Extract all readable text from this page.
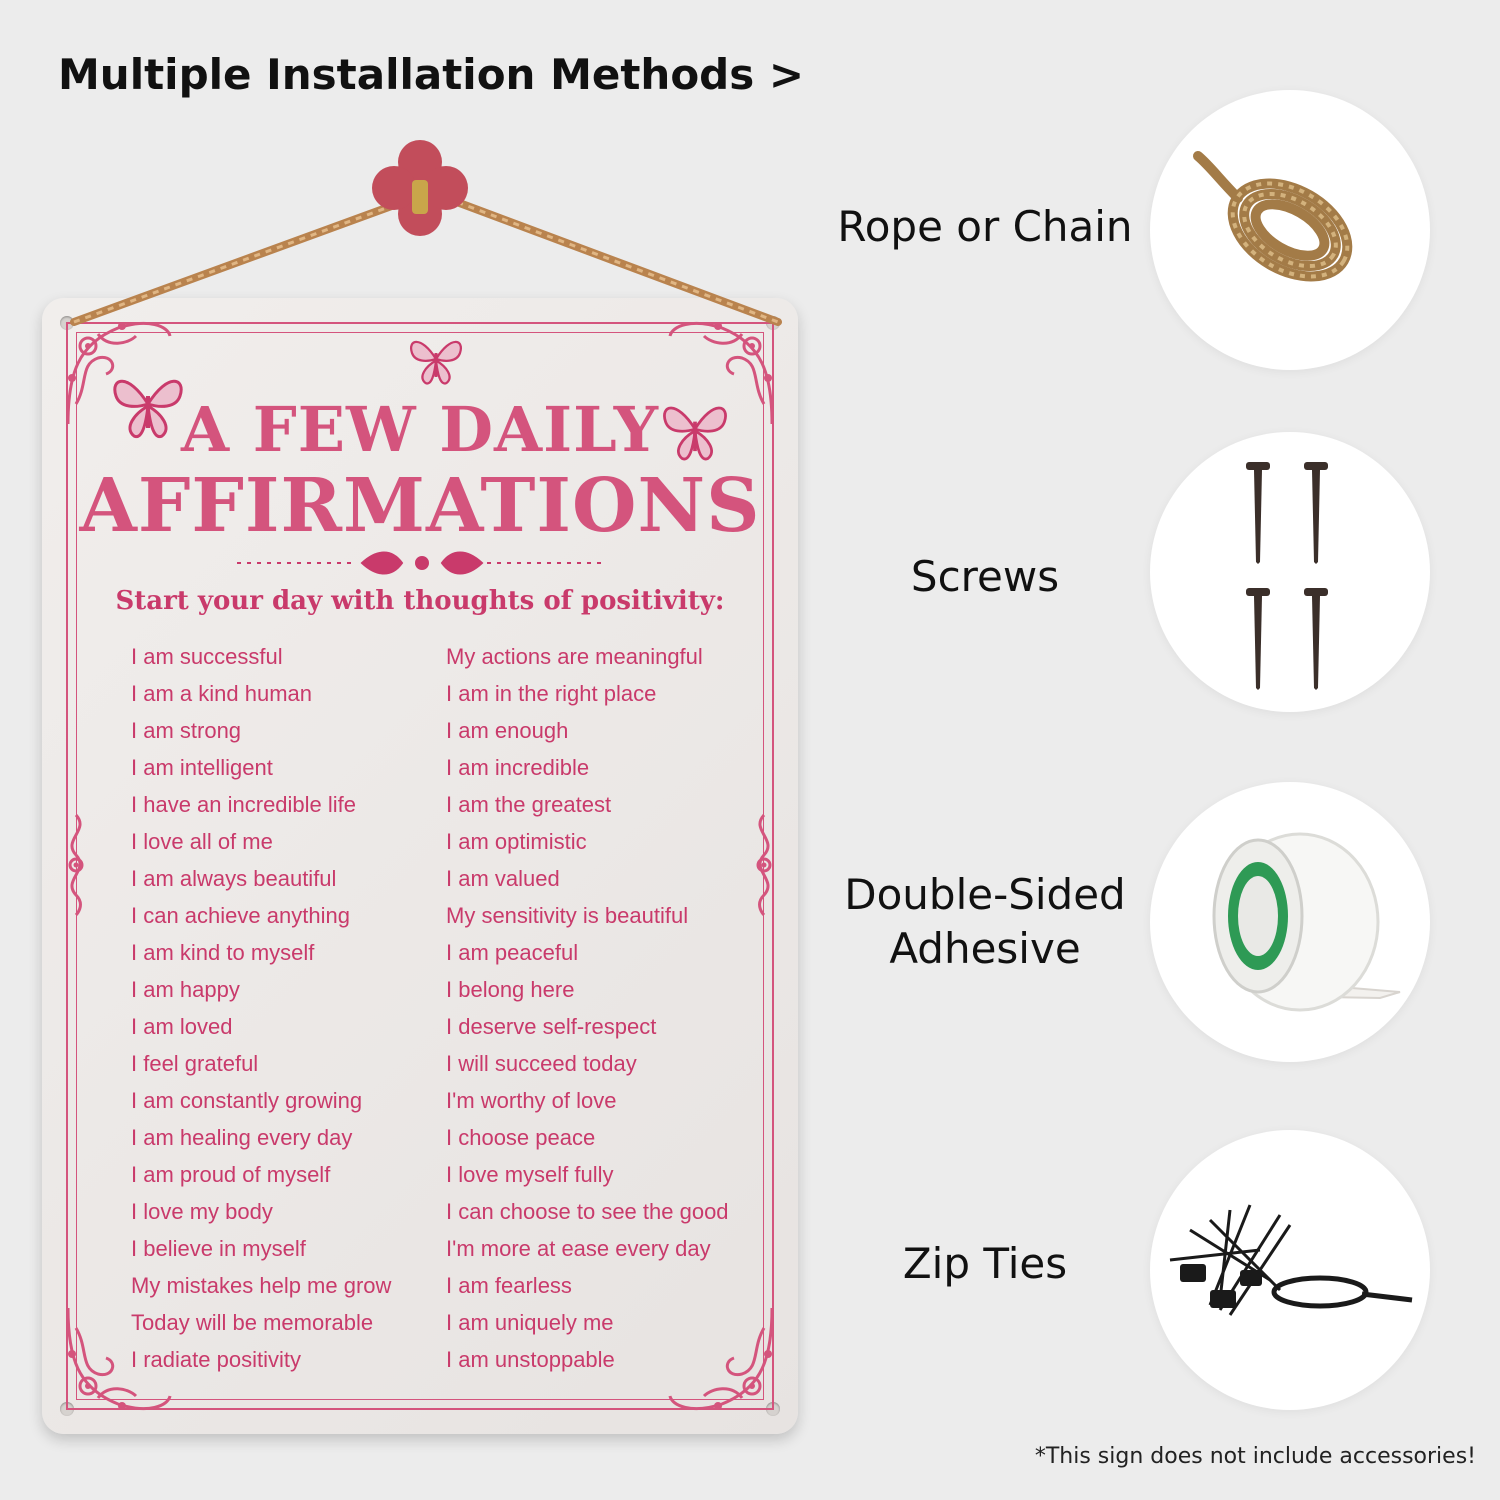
Multiple Installation Methods >
A FEW DAILY
AFFIRMATIONS
Start your day with thoughts of positivity:
I am successful
I am a kind human
I am strong
I am intelligent
I have an incredible life
I love all of me
I am always beautiful
I can achieve anything
I am kind to myself
I am happy
I am loved
I feel grateful
I am constantly growing
I am healing every day
I am proud of myself
I love my body
I believe in myself
My mistakes help me grow
Today will be memorable
I radiate positivity
My actions are meaningful
I am in the right place
I am enough
I am incredible
I am the greatest
I am optimistic
I am valued
My sensitivity is beautiful
I am peaceful
I belong here
I deserve self-respect
I will succeed today
I'm worthy of love
I choose peace
I love myself fully
I can choose to see the good
I'm more at ease every day
I am fearless
I am uniquely me
I am unstoppable
Rope or Chain
Screws
Double-Sided
Adhesive
Zip Ties
*This sign does not include accessories!
